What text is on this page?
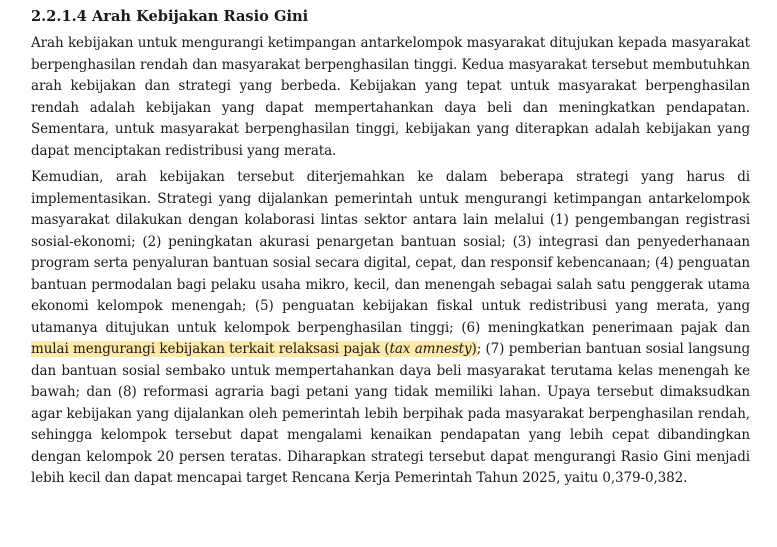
2.2.1.4 Arah Kebijakan Rasio Gini

Arah kebijakan untuk mengurangi ketimpangan antarkelompok masyarakat ditujukan kepada masyarakat berpenghasilan rendah dan masyarakat berpenghasilan tinggi. Kedua masyarakat tersebut membutuhkan arah kebijakan dan strategi yang berbeda. Kebijakan yang tepat untuk masyarakat berpenghasilan rendah adalah kebijakan yang dapat mempertahankan daya beli dan meningkatkan pendapatan. Sementara, untuk masyarakat berpenghasilan tinggi, kebijakan yang diterapkan adalah kebijakan yang dapat menciptakan redistribusi yang merata.

Kemudian, arah kebijakan tersebut diterjemahkan ke dalam beberapa strategi yang harus di implementasikan. Strategi yang dijalankan pemerintah untuk mengurangi ketimpangan antarkelompok masyarakat dilakukan dengan kolaborasi lintas sektor antara lain melalui (1) pengembangan registrasi sosial-ekonomi; (2) peningkatan akurasi penargetan bantuan sosial; (3) integrasi dan penyederhanaan program serta penyaluran bantuan sosial secara digital, cepat, dan responsif kebencanaan; (4) penguatan bantuan permodalan bagi pelaku usaha mikro, kecil, dan menengah sebagai salah satu penggerak utama ekonomi kelompok menengah; (5) penguatan kebijakan fiskal untuk redistribusi yang merata, yang utamanya ditujukan untuk kelompok berpenghasilan tinggi; (6) meningkatkan penerimaan pajak dan mulai mengurangi kebijakan terkait relaksasi pajak (tax amnesty); (7) pemberian bantuan sosial langsung dan bantuan sosial sembako untuk mempertahankan daya beli masyarakat terutama kelas menengah ke bawah; dan (8) reformasi agraria bagi petani yang tidak memiliki lahan. Upaya tersebut dimaksudkan agar kebijakan yang dijalankan oleh pemerintah lebih berpihak pada masyarakat berpenghasilan rendah, sehingga kelompok tersebut dapat mengalami kenaikan pendapatan yang lebih cepat dibandingkan dengan kelompok 20 persen teratas. Diharapkan strategi tersebut dapat mengurangi Rasio Gini menjadi lebih kecil dan dapat mencapai target Rencana Kerja Pemerintah Tahun 2025, yaitu 0,379-0,382.
